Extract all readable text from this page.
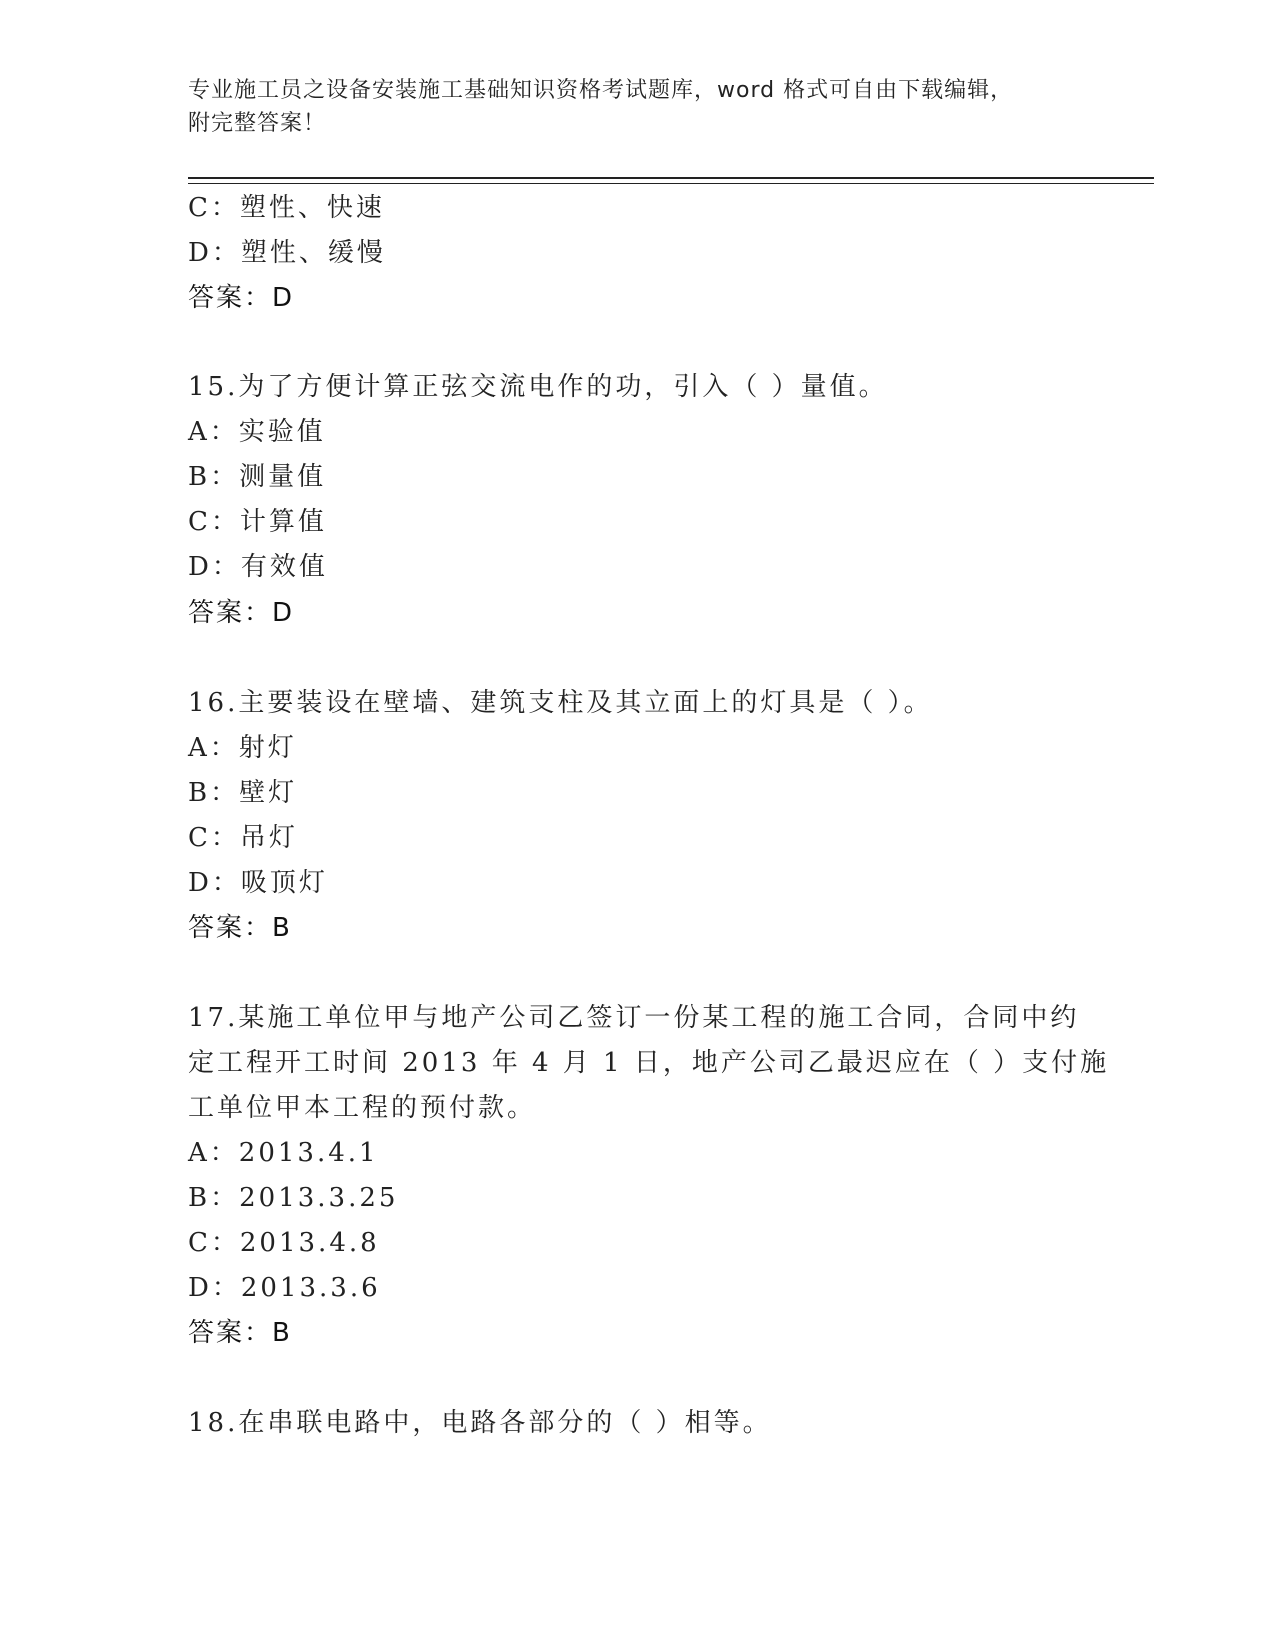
专业施工员之设备安装施工基础知识资格考试题库，word 格式可自由下载编辑，
附完整答案！
C：塑性、快速
D：塑性、缓慢
答案：D
15.为了方便计算正弦交流电作的功，引入（ ）量值。
A：实验值
B：测量值
C：计算值
D：有效值
答案：D
16.主要装设在壁墙、建筑支柱及其立面上的灯具是（ ）。
A：射灯
B：壁灯
C：吊灯
D：吸顶灯
答案：B
17.某施工单位甲与地产公司乙签订一份某工程的施工合同，合同中约
定工程开工时间 2013 年 4 月 1 日，地产公司乙最迟应在（ ）支付施
工单位甲本工程的预付款。
A：2013.4.1
B：2013.3.25
C：2013.4.8
D：2013.3.6
答案：B
18.在串联电路中，电路各部分的（ ）相等。
